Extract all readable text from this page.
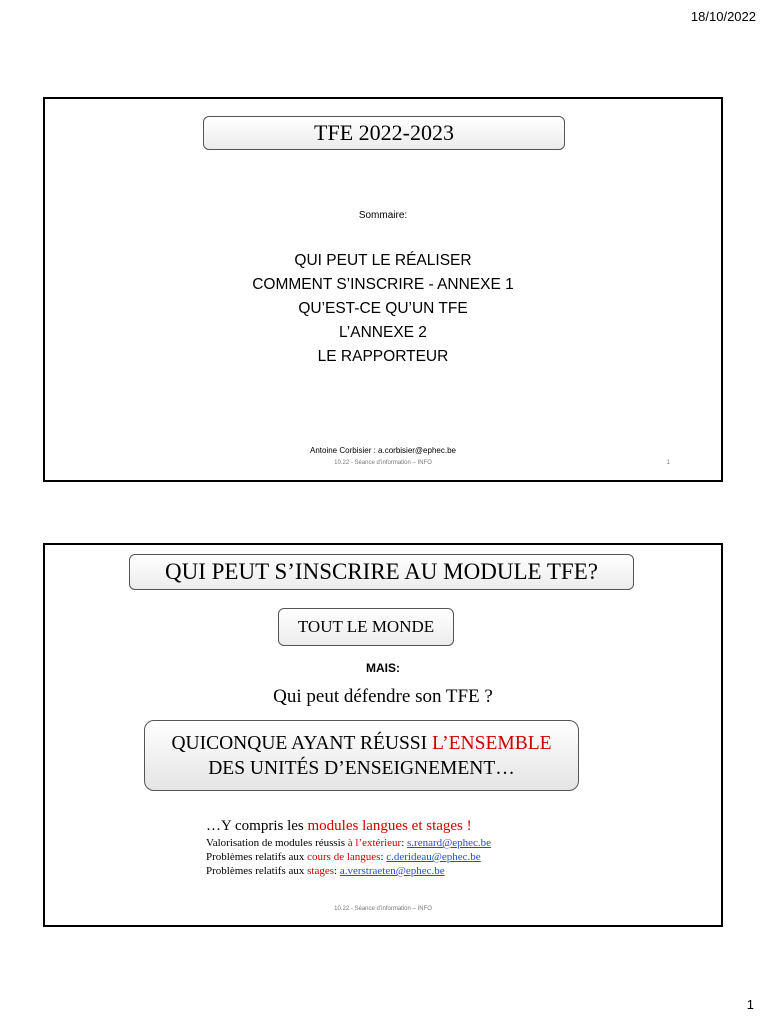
18/10/2022
TFE 2022-2023
Sommaire:
QUI PEUT LE RÉALISER
COMMENT S’INSCRIRE - ANNEXE 1
QU’EST-CE QU’UN TFE
L’ANNEXE 2
LE RAPPORTEUR
Antoine Corbisier : a.corbisier@ephec.be
10.22 - Séance d’information – INFO	1
QUI PEUT S’INSCRIRE AU MODULE TFE?
TOUT LE MONDE
MAIS:
Qui peut défendre son TFE ?
QUICONQUE AYANT RÉUSSI L’ENSEMBLE
DES UNITÉS D’ENSEIGNEMENT…
…Y compris les modules langues et stages !
Valorisation de modules réussis à l’extérieur: s.renard@ephec.be
Problèmes relatifs aux cours de langues: c.derideau@ephec.be
Problèmes relatifs aux stages: a.verstraeten@ephec.be
10.22 - Séance d’information – INFO
1
